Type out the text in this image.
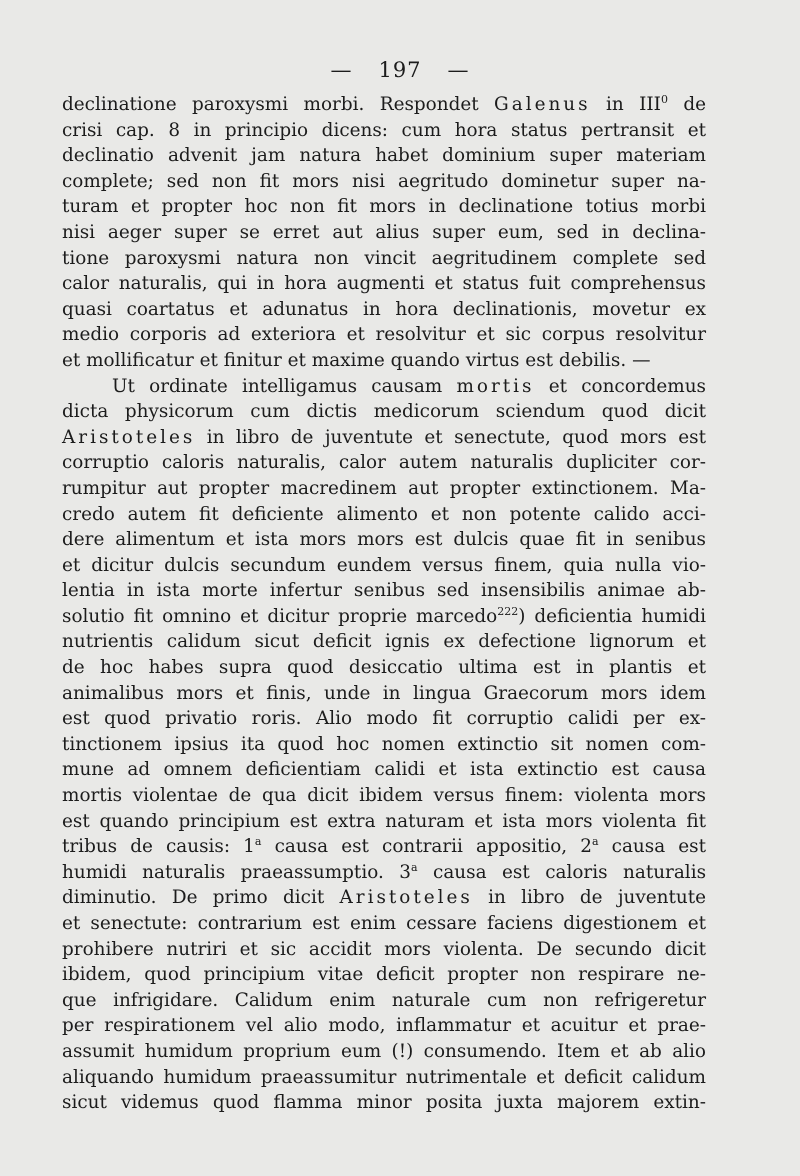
— 197 —
declinatione paroxysmi morbi. Respondet Galenus in III$^0$ de
crisi cap. 8 in principio dicens: cum hora status pertransit et
declinatio advenit jam natura habet dominium super materiam
complete; sed non fit mors nisi aegritudo dominetur super na-
turam et propter hoc non fit mors in declinatione totius morbi
nisi aeger super se erret aut alius super eum, sed in declina-
tione paroxysmi natura non vincit aegritudinem complete sed
calor naturalis, qui in hora augmenti et status fuit comprehensus
quasi coartatus et adunatus in hora declinationis, movetur ex
medio corporis ad exteriora et resolvitur et sic corpus resolvitur
et mollificatur et finitur et maxime quando virtus est debilis. —
Ut ordinate intelligamus causam mortis et concordemus
dicta physicorum cum dictis medicorum sciendum quod dicit
Aristoteles in libro de juventute et senectute, quod mors est
corruptio caloris naturalis, calor autem naturalis dupliciter cor-
rumpitur aut propter macredinem aut propter extinctionem. Ma-
credo autem fit deficiente alimento et non potente calido acci-
dere alimentum et ista mors mors est dulcis quae fit in senibus
et dicitur dulcis secundum eundem versus finem, quia nulla vio-
lentia in ista morte infertur senibus sed insensibilis animae ab-
solutio fit omnino et dicitur proprie marcedo$^{222}$) deficientia humidi
nutrientis calidum sicut deficit ignis ex defectione lignorum et
de hoc habes supra quod desiccatio ultima est in plantis et
animalibus mors et finis, unde in lingua Graecorum mors idem
est quod privatio roris. Alio modo fit corruptio calidi per ex-
tinctionem ipsius ita quod hoc nomen extinctio sit nomen com-
mune ad omnem deficientiam calidi et ista extinctio est causa
mortis violentae de qua dicit ibidem versus finem: violenta mors
est quando principium est extra naturam et ista mors violenta fit
tribus de causis: 1$^a$ causa est contrarii appositio, 2$^a$ causa est
humidi naturalis praeassumptio. 3$^a$ causa est caloris naturalis
diminutio. De primo dicit Aristoteles in libro de juventute
et senectute: contrarium est enim cessare faciens digestionem et
prohibere nutriri et sic accidit mors violenta. De secundo dicit
ibidem, quod principium vitae deficit propter non respirare ne-
que infrigidare. Calidum enim naturale cum non refrigeretur
per respirationem vel alio modo, inflammatur et acuitur et prae-
assumit humidum proprium eum (!) consumendo. Item et ab alio
aliquando humidum praeassumitur nutrimentale et deficit calidum
sicut videmus quod flamma minor posita juxta majorem extin-
